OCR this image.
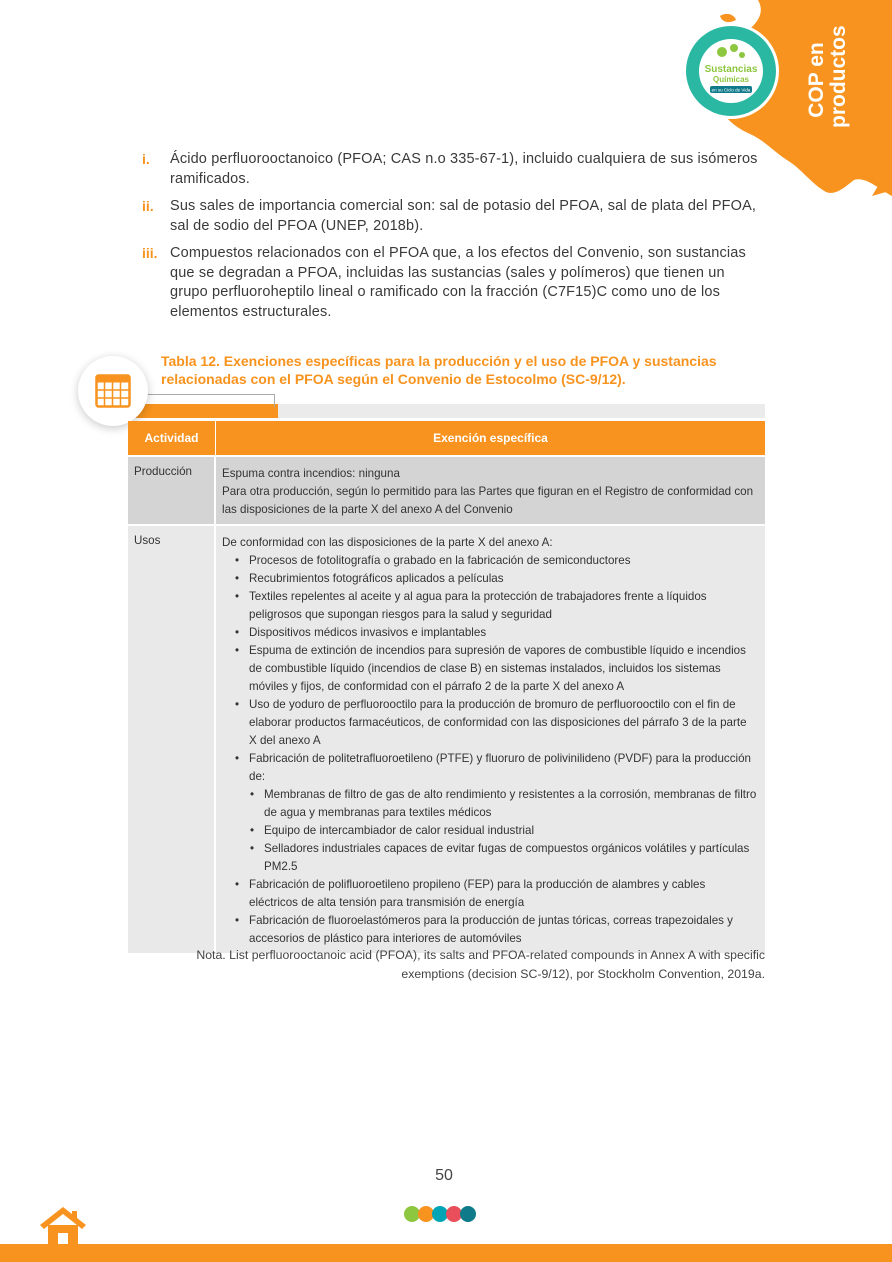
COP en productos
Sustancias
Químicas
en su Ciclo de Vida
i.	Ácido perfluorooctanoico (PFOA; CAS n.o 335-67-1), incluido cualquiera de sus isómeros ramificados.
ii.	Sus sales de importancia comercial son: sal de potasio del PFOA, sal de plata del PFOA, sal de sodio del PFOA (UNEP, 2018b).
iii. Compuestos relacionados con el PFOA que, a los efectos del Convenio, son sustancias que se degradan a PFOA, incluidas las sustancias (sales y polímeros) que tienen un grupo perfluoroheptilo lineal o ramificado con la fracción (C7F15)C como uno de los elementos estructurales.
Tabla 12. Exenciones específicas para la producción y el uso de PFOA y sustancias
relacionadas con el PFOA según el Convenio de Estocolmo (SC-9/12).
Actividad	Exención específica
Producción	Espuma contra incendios: ninguna
Para otra producción, según lo permitido para las Partes que figuran en el Registro de conformidad con las disposiciones de la parte X del anexo A del Convenio
Usos	De conformidad con las disposiciones de la parte X del anexo A:
• Procesos de fotolitografía o grabado en la fabricación de semiconductores
• Recubrimientos fotográficos aplicados a películas
• Textiles repelentes al aceite y al agua para la protección de trabajadores frente a líquidos peligrosos que supongan riesgos para la salud y seguridad
• Dispositivos médicos invasivos e implantables
• Espuma de extinción de incendios para supresión de vapores de combustible líquido e incendios de combustible líquido (incendios de clase B) en sistemas instalados, incluidos los sistemas móviles y fijos, de conformidad con el párrafo 2 de la parte X del anexo A
• Uso de yoduro de perfluorooctilo para la producción de bromuro de perfluorooctilo con el fin de elaborar productos farmacéuticos, de conformidad con las disposiciones del párrafo 3 de la parte X del anexo A
• Fabricación de politetrafluoroetileno (PTFE) y fluoruro de polivinilideno (PVDF) para la producción de:
• Membranas de filtro de gas de alto rendimiento y resistentes a la corrosión, membranas de filtro de agua y membranas para textiles médicos
• Equipo de intercambiador de calor residual industrial
• Selladores industriales capaces de evitar fugas de compuestos orgánicos volátiles y partículas PM2.5
• Fabricación de polifluoroetileno propileno (FEP) para la producción de alambres y cables eléctricos de alta tensión para transmisión de energía
• Fabricación de fluoroelastómeros para la producción de juntas tóricas, correas trapezoidales y accesorios de plástico para interiores de automóviles
Nota. List perfluorooctanoic acid (PFOA), its salts and PFOA-related compounds in Annex A with specific
exemptions (decision SC-9/12), por Stockholm Convention, 2019a.
50
